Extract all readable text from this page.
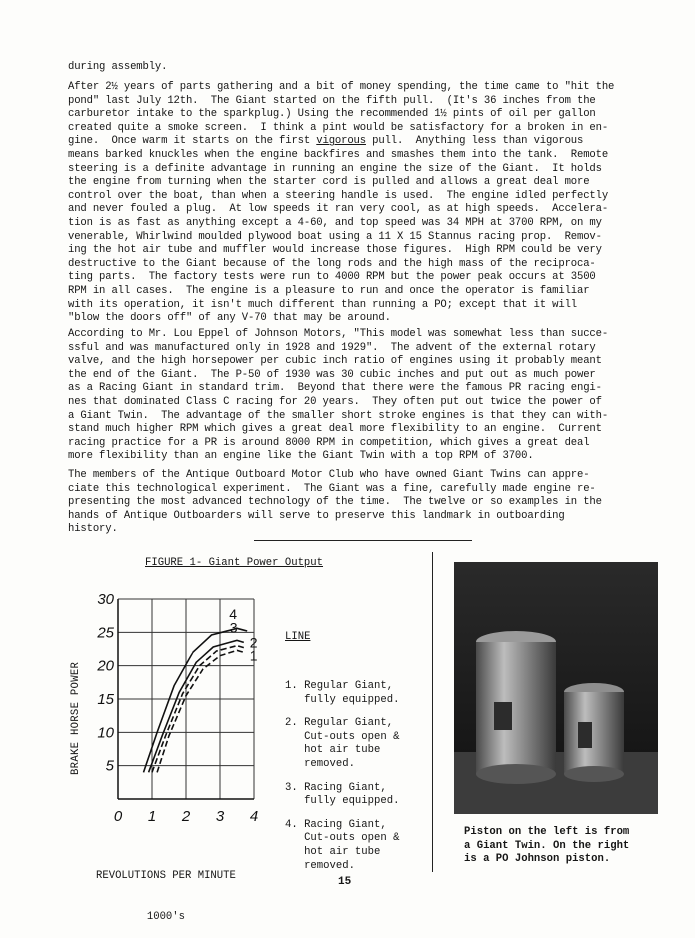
during assembly.
After 2½ years of parts gathering and a bit of money spending, the time came to "hit the
pond" last July 12th.  The Giant started on the fifth pull.  (It's 36 inches from the
carburetor intake to the sparkplug.) Using the recommended 1½ pints of oil per gallon
created quite a smoke screen.  I think a pint would be satisfactory for a broken in en-
gine.  Once warm it starts on the first vigorous pull.  Anything less than vigorous
means barked knuckles when the engine backfires and smashes them into the tank.  Remote
steering is a definite advantage in running an engine the size of the Giant.  It holds
the engine from turning when the starter cord is pulled and allows a great deal more
control over the boat, than when a steering handle is used.  The engine idled perfectly
and never fouled a plug.  At low speeds it ran very cool, as at high speeds.  Accelera-
tion is as fast as anything except a 4-60, and top speed was 34 MPH at 3700 RPM, on my
venerable, Whirlwind moulded plywood boat using a 11 X 15 Stannus racing prop.  Remov-
ing the hot air tube and muffler would increase those figures.  High RPM could be very
destructive to the Giant because of the long rods and the high mass of the reciproca-
ting parts.  The factory tests were run to 4000 RPM but the power peak occurs at 3500
RPM in all cases.  The engine is a pleasure to run and once the operator is familiar
with its operation, it isn't much different than running a PO; except that it will
"blow the doors off" of any V-70 that may be around.
According to Mr. Lou Eppel of Johnson Motors, "This model was somewhat less than succe-
ssful and was manufactured only in 1928 and 1929".  The advent of the external rotary
valve, and the high horsepower per cubic inch ratio of engines using it probably meant
the end of the Giant.  The P-50 of 1930 was 30 cubic inches and put out as much power
as a Racing Giant in standard trim.  Beyond that there were the famous PR racing engi-
nes that dominated Class C racing for 20 years.  They often put out twice the power of
a Giant Twin.  The advantage of the smaller short stroke engines is that they can with-
stand much higher RPM which gives a great deal more flexibility to an engine.  Current
racing practice for a PR is around 8000 RPM in competition, which gives a great deal
more flexibility than an engine like the Giant Twin with a top RPM of 3700.
The members of the Antique Outboard Motor Club who have owned Giant Twins can appre-
ciate this technological experiment.  The Giant was a fine, carefully made engine re-
presenting the most advanced technology of the time.  The twelve or so examples in the
hands of Antique Outboarders will serve to preserve this landmark in outboarding
history.
FIGURE 1- Giant Power Output
0 1 2 3 4
5
10
15
20
25
30
1
2
3
4
BRAKE HORSE POWER

REVOLUTIONS PER MINUTE

1000's

LINE

1. Regular Giant,
fully equipped.
2. Regular Giant,
Cut-outs open &
hot air tube
removed.
3. Racing Giant,
fully equipped.
4. Racing Giant,
Cut-outs open &
hot air tube
removed.

Piston on the left is from
a Giant Twin. On the right
is a PO Johnson piston.
15
